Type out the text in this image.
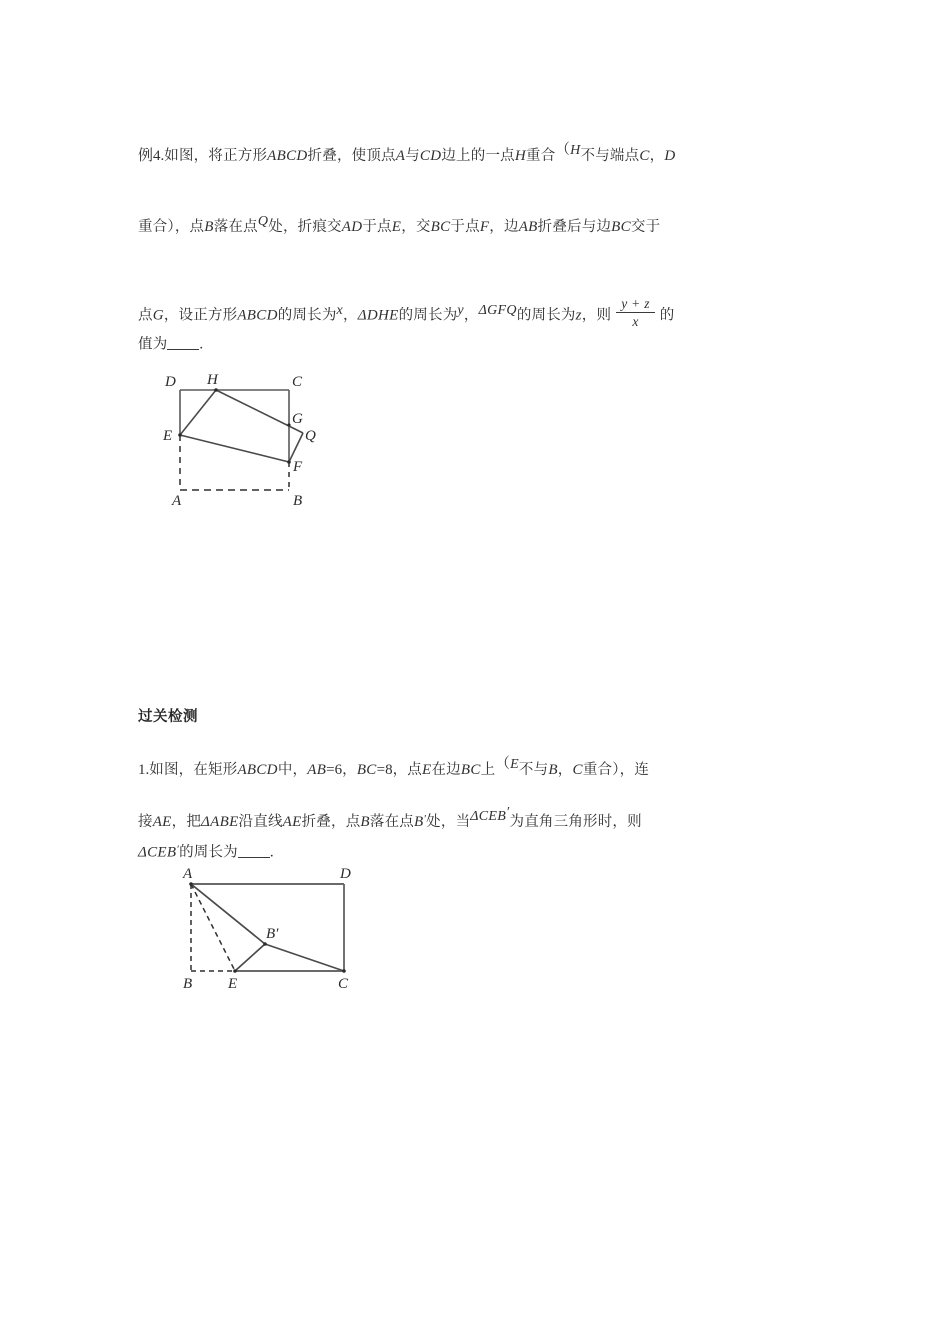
例4.如图，将正方形ABCD折叠，使顶点A与CD边上的一点H重合（H不与端点C，D
重合），点B落在点Q处，折痕交AD于点E，交BC于点F，边AB折叠后与边BC交于
点G，设正方形ABCD的周长为x，ΔDHE的周长为y，ΔGFQ的周长为z，则 $\frac{y + z}{x}$ 的
值为 .
D H	C
G
Q
E
F
A	B
过关检测
1.如图，在矩形ABCD中，AB=6，BC=8，点E在边BC上（E不与B，C重合），连
接AE，把ΔABE沿直线AE折叠，点B落在点B′处，当ΔCEB′为直角三角形时，则
ΔCEB′的周长为 .
A	D
B′
B E	C
